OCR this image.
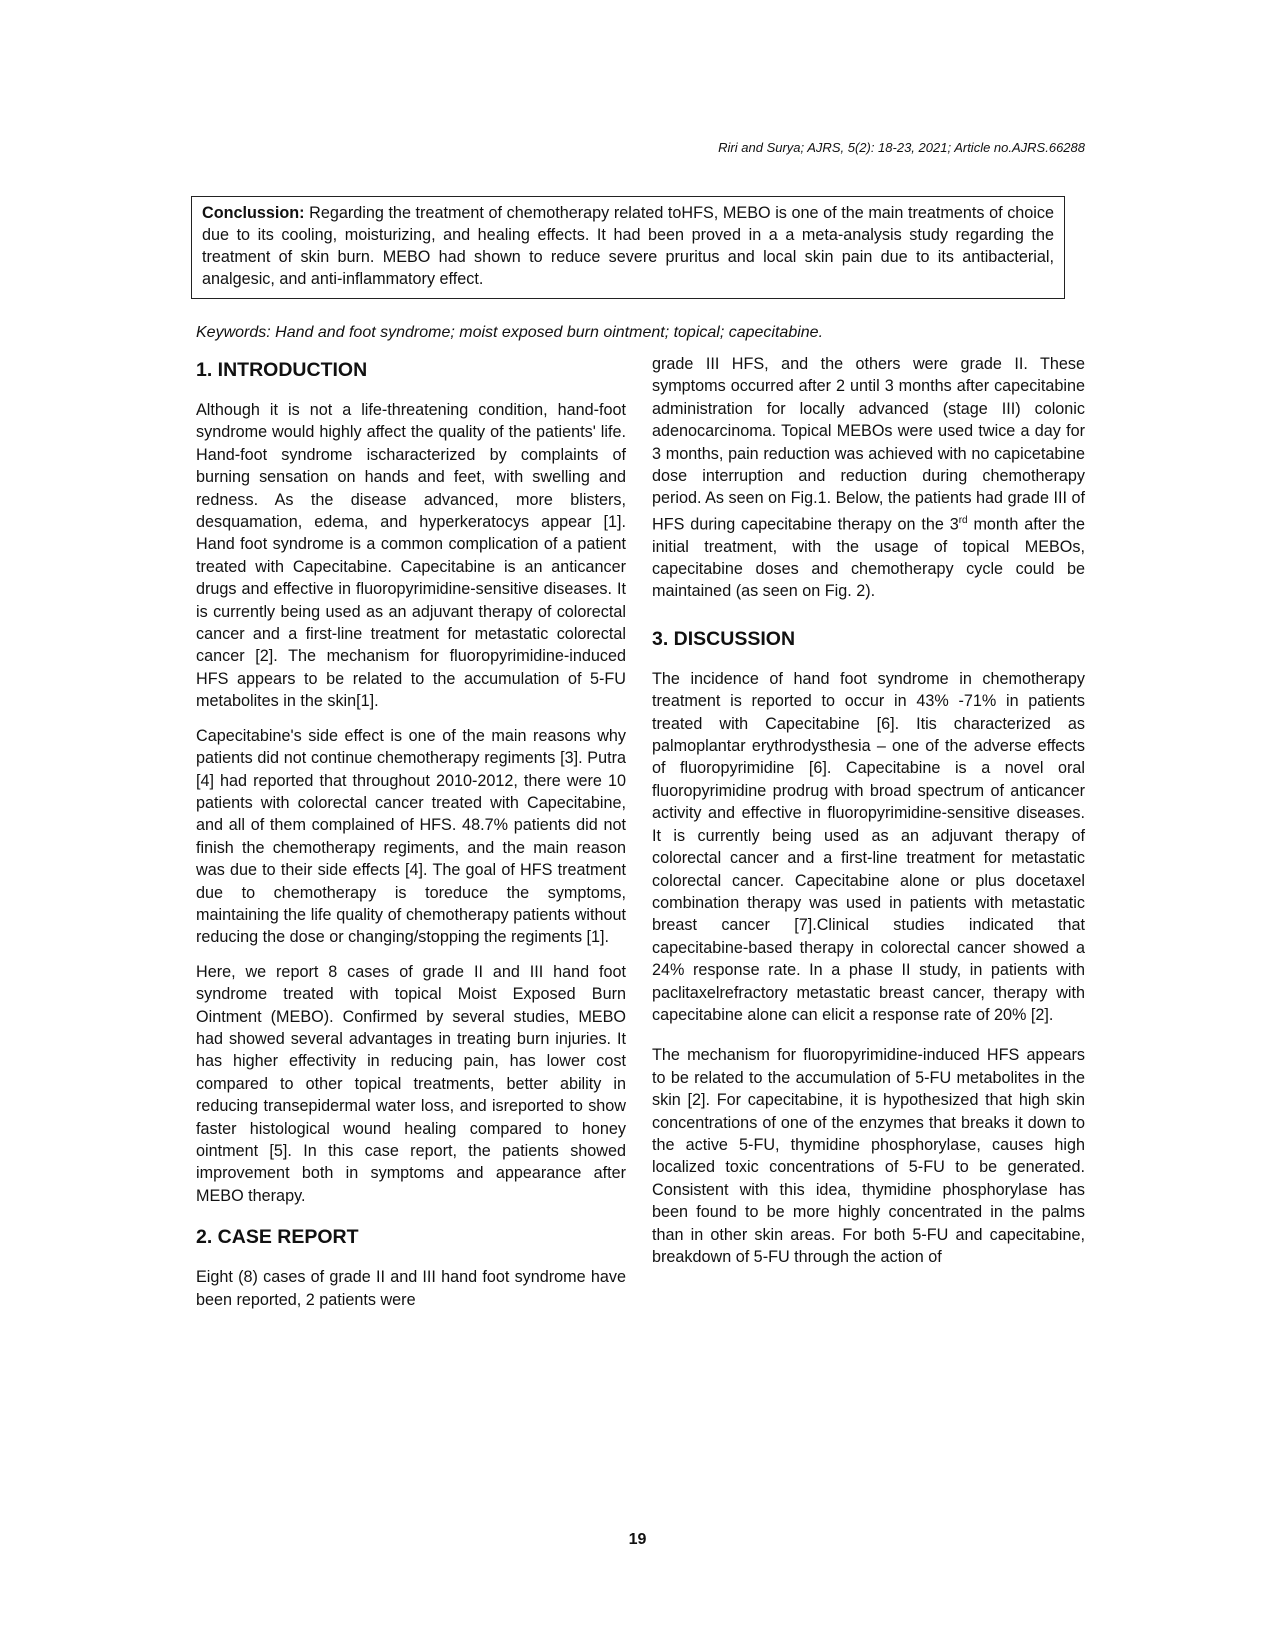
Riri and Surya; AJRS, 5(2): 18-23, 2021; Article no.AJRS.66288
Conclussion: Regarding the treatment of chemotherapy related toHFS, MEBO is one of the main treatments of choice due to its cooling, moisturizing, and healing effects. It had been proved in a a meta-analysis study regarding the treatment of skin burn. MEBO had shown to reduce severe pruritus and local skin pain due to its antibacterial, analgesic, and anti-inflammatory effect.
Keywords: Hand and foot syndrome; moist exposed burn ointment; topical; capecitabine.
1. INTRODUCTION

Although it is not a life-threatening condition, hand-foot syndrome would highly affect the quality of the patients' life. Hand-foot syndrome ischaracterized by complaints of burning sensation on hands and feet, with swelling and redness. As the disease advanced, more blisters, desquamation, edema, and hyperkeratocys appear [1]. Hand foot syndrome is a common complication of a patient treated with Capecitabine. Capecitabine is an anticancer drugs and effective in fluoropyrimidine-sensitive diseases. It is currently being used as an adjuvant therapy of colorectal cancer and a first-line treatment for metastatic colorectal cancer [2]. The mechanism for fluoropyrimidine-induced HFS appears to be related to the accumulation of 5-FU metabolites in the skin[1].

Capecitabine's side effect is one of the main reasons why patients did not continue chemotherapy regiments [3]. Putra [4] had reported that throughout 2010-2012, there were 10 patients with colorectal cancer treated with Capecitabine, and all of them complained of HFS. 48.7% patients did not finish the chemotherapy regiments, and the main reason was due to their side effects [4]. The goal of HFS treatment due to chemotherapy is toreduce the symptoms, maintaining the life quality of chemotherapy patients without reducing the dose or changing/stopping the regiments [1].

Here, we report 8 cases of grade II and III hand foot syndrome treated with topical Moist Exposed Burn Ointment (MEBO). Confirmed by several studies, MEBO had showed several advantages in treating burn injuries. It has higher effectivity in reducing pain, has lower cost compared to other topical treatments, better ability in reducing transepidermal water loss, and isreported to show faster histological wound healing compared to honey ointment [5]. In this case report, the patients showed improvement both in symptoms and appearance after MEBO therapy.

2. CASE REPORT

Eight (8) cases of grade II and III hand foot syndrome have been reported, 2 patients were

grade III HFS, and the others were grade II. These symptoms occurred after 2 until 3 months after capecitabine administration for locally advanced (stage III) colonic adenocarcinoma. Topical MEBOs were used twice a day for 3 months, pain reduction was achieved with no capicetabine dose interruption and reduction during chemotherapy period. As seen on Fig.1. Below, the patients had grade III of HFS during capecitabine therapy on the 3rd month after the initial treatment, with the usage of topical MEBOs, capecitabine doses and chemotherapy cycle could be maintained (as seen on Fig. 2).

3. DISCUSSION

The incidence of hand foot syndrome in chemotherapy treatment is reported to occur in 43% -71% in patients treated with Capecitabine [6]. Itis characterized as palmoplantar erythrodysthesia – one of the adverse effects of fluoropyrimidine [6]. Capecitabine is a novel oral fluoropyrimidine prodrug with broad spectrum of anticancer activity and effective in fluoropyrimidine-sensitive diseases. It is currently being used as an adjuvant therapy of colorectal cancer and a first-line treatment for metastatic colorectal cancer. Capecitabine alone or plus docetaxel combination therapy was used in patients with metastatic breast cancer [7].Clinical studies indicated that capecitabine-based therapy in colorectal cancer showed a 24% response rate. In a phase II study, in patients with paclitaxelrefractory metastatic breast cancer, therapy with capecitabine alone can elicit a response rate of 20% [2].

The mechanism for fluoropyrimidine-induced HFS appears to be related to the accumulation of 5-FU metabolites in the skin [2]. For capecitabine, it is hypothesized that high skin concentrations of one of the enzymes that breaks it down to the active 5-FU, thymidine phosphorylase, causes high localized toxic concentrations of 5-FU to be generated. Consistent with this idea, thymidine phosphorylase has been found to be more highly concentrated in the palms than in other skin areas. For both 5-FU and capecitabine, breakdown of 5-FU through the action of

19
